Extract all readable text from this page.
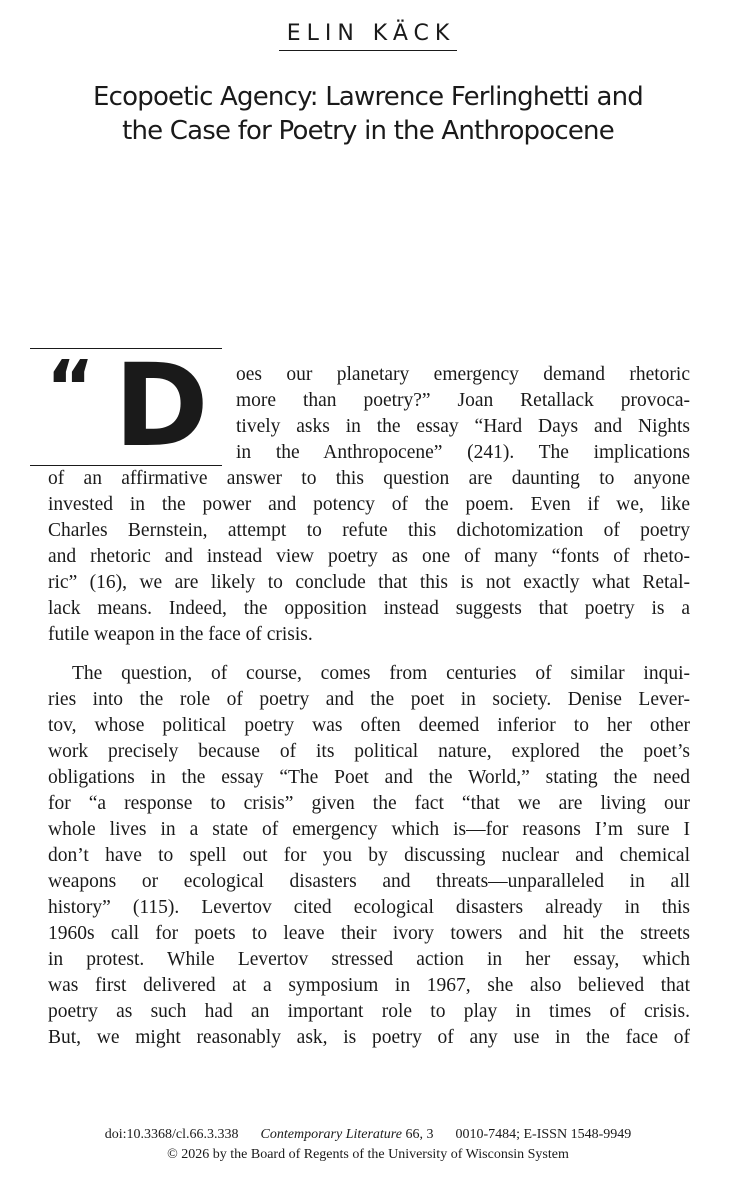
ELIN KÄCK
Ecopoetic Agency: Lawrence Ferlinghetti and
the Case for Poetry in the Anthropocene
“ D oes our planetary emergency demand rhetoric
more than poetry?” Joan Retallack provoca-
tively asks in the essay “Hard Days and Nights
in the Anthropocene” (241). The implications
of an affirmative answer to this question are daunting to anyone
invested in the power and potency of the poem. Even if we, like
Charles Bernstein, attempt to refute this dichotomization of poetry
and rhetoric and instead view poetry as one of many “fonts of rheto-
ric” (16), we are likely to conclude that this is not exactly what Retal-
lack means. Indeed, the opposition instead suggests that poetry is a
futile weapon in the face of crisis.
The question, of course, comes from centuries of similar inqui-
ries into the role of poetry and the poet in society. Denise Lever-
tov, whose political poetry was often deemed inferior to her other
work precisely because of its political nature, explored the poet’s
obligations in the essay “The Poet and the World,” stating the need
for “a response to crisis” given the fact “that we are living our
whole lives in a state of emergency which is—for reasons I’m sure I
don’t have to spell out for you by discussing nuclear and chemical
weapons or ecological disasters and threats—unparalleled in all
history” (115). Levertov cited ecological disasters already in this
1960s call for poets to leave their ivory towers and hit the streets
in protest. While Levertov stressed action in her essay, which
was first delivered at a symposium in 1967, she also believed that
poetry as such had an important role to play in times of crisis.
But, we might reasonably ask, is poetry of any use in the face of
doi:10.3368/cl.66.3.338 Contemporary Literature 66, 3 0010-7484; E-ISSN 1548-9949
© 2026 by the Board of Regents of the University of Wisconsin System
